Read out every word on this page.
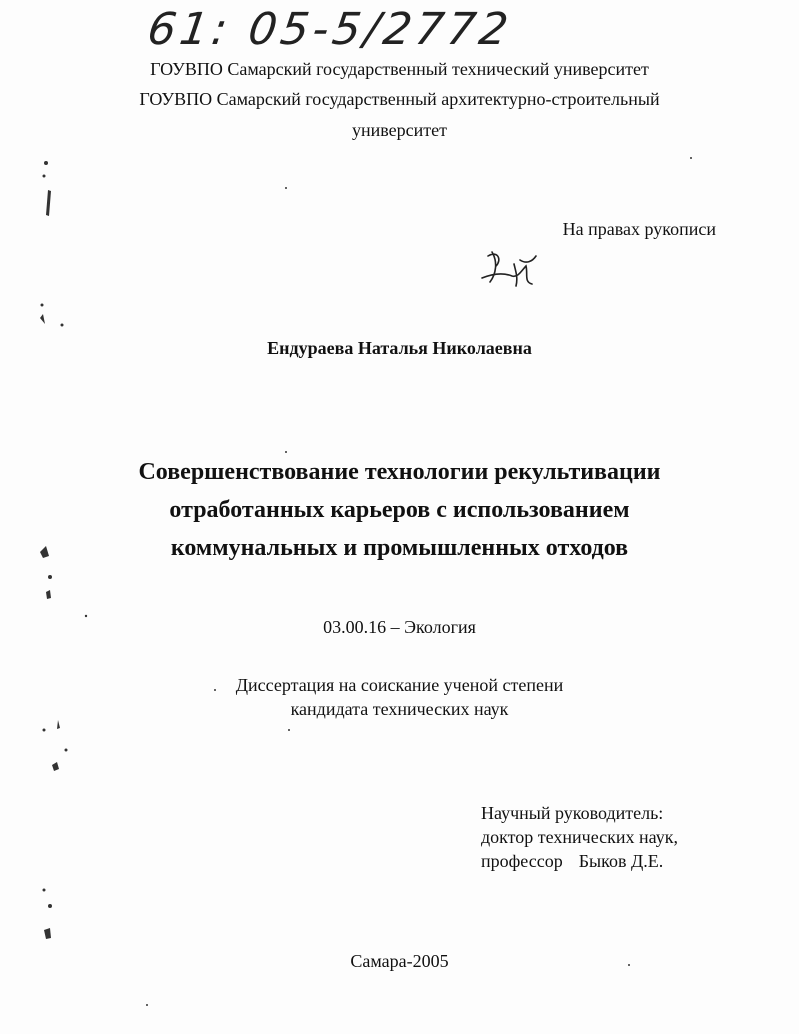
61: 05-5/2772
ГОУВПО Самарский государственный технический университет
ГОУВПО Самарский государственный архитектурно-строительный
университет
На правах рукописи
Ендураева Наталья Николаевна
Совершенствование технологии рекультивации
отработанных карьеров с использованием
коммунальных и промышленных отходов
03.00.16 – Экология
Диссертация на соискание ученой степени
кандидата технических наук
Научный руководитель:
доктор технических наук,
профессор Быков Д.Е.
Самара-2005
